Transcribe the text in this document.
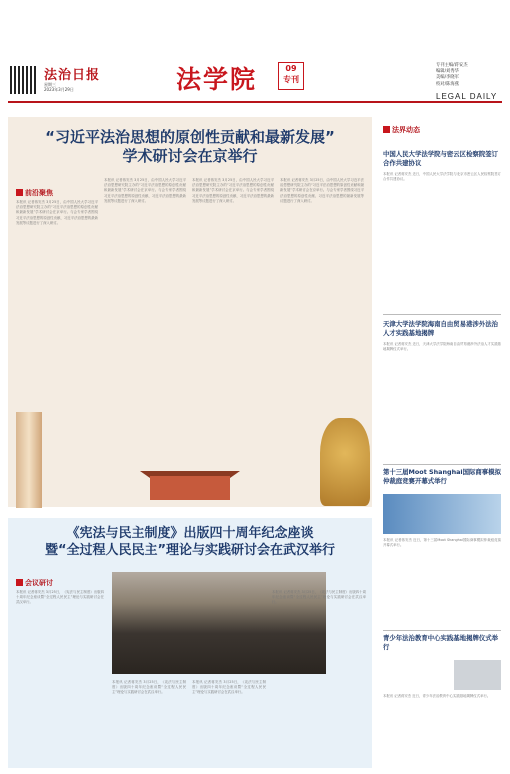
法治日报
星期三
2023年3月29日	法学院	09
专刊
专刊主编/蒋安杰
编辑/刘秀华
美编/李晓军
校对/陈海燕
LEGAL DAILY
“习近平法治思想的原创性贡献和最新发展”
学术研讨会在京举行
前沿聚焦

本报讯 记者蒋安杰 3月25日，由中国人民大学习近平法治思想研究院主办的“习近平法治思想的原创性贡献和最新发展”学术研讨会在京举行。与会专家学者围绕习近平法治思想的原创性贡献、习近平法治思想的最新发展等议题进行了深入研讨。

本报讯 记者蒋安杰 3月25日，由中国人民大学习近平法治思想研究院主办的“习近平法治思想的原创性贡献和最新发展”学术研讨会在京举行。与会专家学者围绕习近平法治思想的原创性贡献、习近平法治思想的最新发展等议题进行了深入研讨。

本报讯 记者蒋安杰 3月25日，由中国人民大学习近平法治思想研究院主办的“习近平法治思想的原创性贡献和最新发展”学术研讨会在京举行。与会专家学者围绕习近平法治思想的原创性贡献、习近平法治思想的最新发展等议题进行了深入研讨。

本报讯 记者蒋安杰 3月25日，由中国人民大学习近平法治思想研究院主办的“习近平法治思想的原创性贡献和最新发展”学术研讨会在京举行。与会专家学者围绕习近平法治思想的原创性贡献、习近平法治思想的最新发展等议题进行了深入研讨。

《宪法与民主制度》出版四十周年纪念座谈
暨“全过程人民民主”理论与实践研讨会在武汉举行
会议研讨

本报讯 记者蒋安杰 3月25日，《宪法与民主制度》出版四十周年纪念座谈暨“全过程人民民主”理论与实践研讨会在武汉举行。

本报讯 记者蒋安杰 3月25日，《宪法与民主制度》出版四十周年纪念座谈暨“全过程人民民主”理论与实践研讨会在武汉举行。

本报讯 记者蒋安杰 3月25日，《宪法与民主制度》出版四十周年纪念座谈暨“全过程人民民主”理论与实践研讨会在武汉举行。

本报讯 记者蒋安杰 3月25日，《宪法与民主制度》出版四十周年纪念座谈暨“全过程人民民主”理论与实践研讨会在武汉举行。

法界动态
中国人民大学法学院与密云区检察院签订合作共建协议

本报讯 记者蒋安杰 近日，中国人民大学法学院与北京市密云区人民检察院签订合作共建协议。

天津大学法学院海南自由贸易港涉外法治人才实践基地揭牌

本报讯 记者蒋安杰 近日，天津大学法学院海南自由贸易港涉外法治人才实践基地揭牌仪式举行。

第十三届Moot Shanghai国际商事模拟仲裁庭竞赛开幕式举行

本报讯 记者蒋安杰 近日，第十三届Moot Shanghai国际商事模拟仲裁庭竞赛开幕式举行。

青少年法治教育中心实践基地揭牌仪式举行

本报讯 记者蒋安杰 近日，青少年法治教育中心实践基地揭牌仪式举行。
